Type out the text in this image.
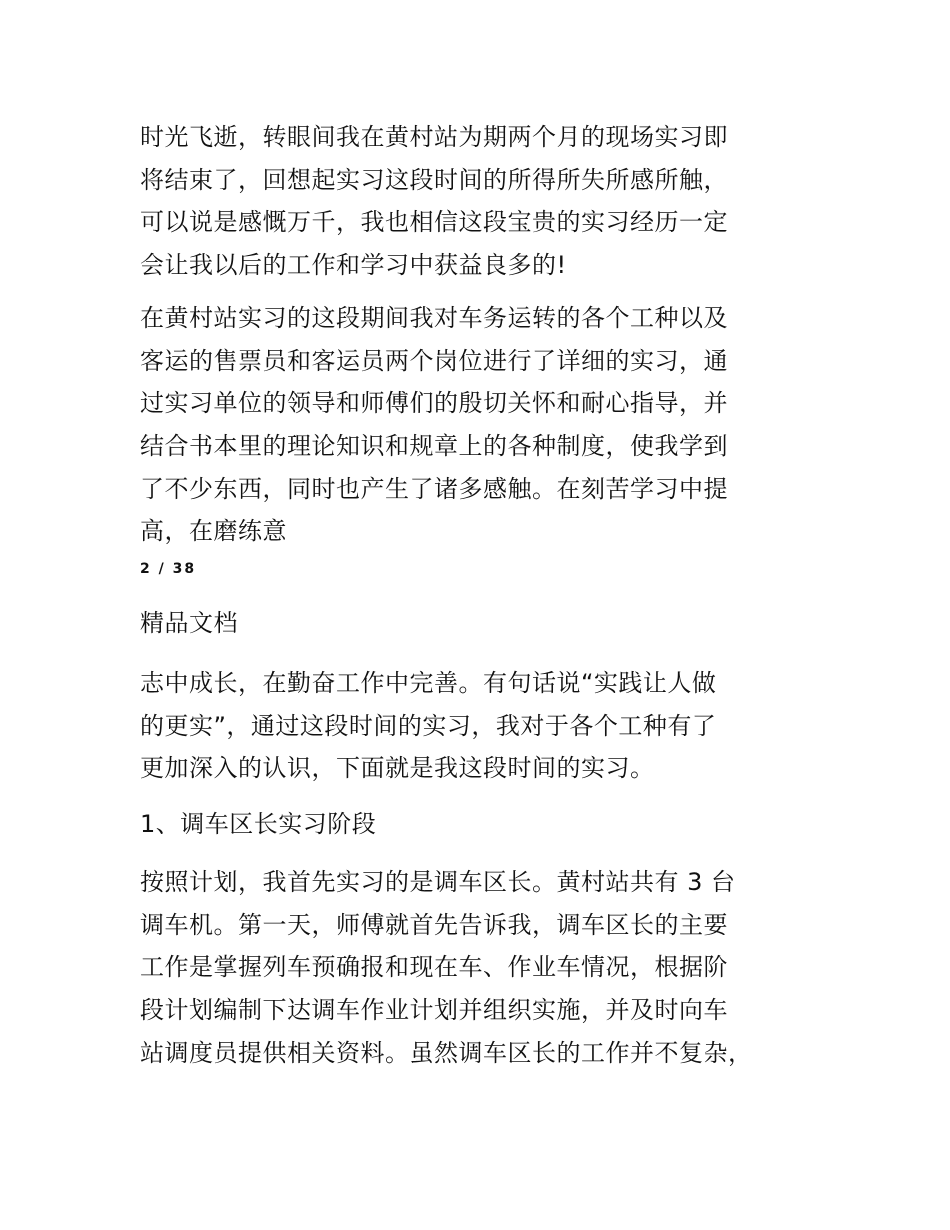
时光飞逝，转眼间我在黄村站为期两个月的现场实习即
将结束了，回想起实习这段时间的所得所失所感所触，
可以说是感慨万千，我也相信这段宝贵的实习经历一定
会让我以后的工作和学习中获益良多的!

在黄村站实习的这段期间我对车务运转的各个工种以及
客运的售票员和客运员两个岗位进行了详细的实习，通
过实习单位的领导和师傅们的殷切关怀和耐心指导，并
结合书本里的理论知识和规章上的各种制度，使我学到
了不少东西，同时也产生了诸多感触。在刻苦学习中提
高，在磨练意

2 / 38

精品文档

志中成长，在勤奋工作中完善。有句话说“实践让人做
的更实”，通过这段时间的实习，我对于各个工种有了
更加深入的认识，下面就是我这段时间的实习。

1、调车区长实习阶段

按照计划，我首先实习的是调车区长。黄村站共有 3 台
调车机。第一天，师傅就首先告诉我，调车区长的主要
工作是掌握列车预确报和现在车、作业车情况，根据阶
段计划编制下达调车作业计划并组织实施，并及时向车
站调度员提供相关资料。虽然调车区长的工作并不复杂，
